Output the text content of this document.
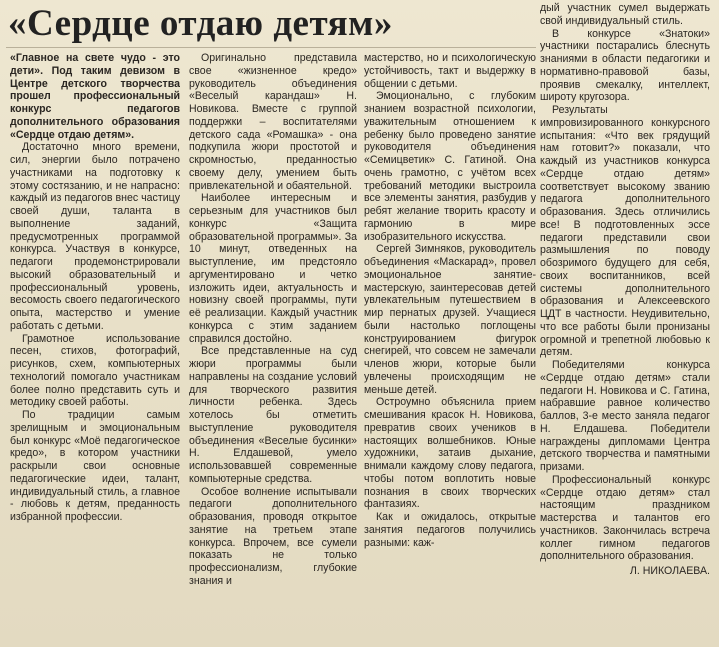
«Сердце отдаю детям»

«Главное на свете чудо - это дети». Под таким девизом в Центре детского творчества прошел профессиональный конкурс педагогов дополнительного образования «Сердце отдаю детям».

Достаточно много времени, сил, энергии было потрачено участниками на подготовку к этому состязанию, и не напрасно: каждый из педагогов внес частицу своей души, таланта в выполнение заданий, предусмотренных программой конкурса. Участвуя в конкурсе, педагоги продемонстрировали высокий образовательный и профессиональный уровень, весомость своего педагогического опыта, мастерство и умение работать с детьми.

Грамотное использование песен, стихов, фотографий, рисунков, схем, компьютерных технологий помогало участникам более полно представить суть и методику своей работы.

По традиции самым зрелищным и эмоциональным был конкурс «Моё педагогическое кредо», в котором участники раскрыли свои основные педагогические идеи, талант, индивидуальный стиль, а главное - любовь к детям, преданность избранной профессии.

Оригинально представила свое «жизненное кредо» руководитель объединения «Веселый карандаш» Н. Новикова. Вместе с группой поддержки – воспитателями детского сада «Ромашка» - она подкупила жюри простотой и скромностью, преданностью своему делу, умением быть привлекательной и обаятельной.

Наиболее интересным и серьезным для участников был конкурс «Защита образовательной программы». За 10 минут, отведенных на выступление, им предстояло аргументировано и четко изложить идеи, актуальность и новизну своей программы, пути её реализации. Каждый участник конкурса с этим заданием справился достойно.

Все представленные на суд жюри программы были направлены на создание условий для творческого развития личности ребенка. Здесь хотелось бы отметить выступление руководителя объединения «Веселые бусинки» Н. Елдашевой, умело использовавшей современные компьютерные средства.

Особое волнение испытывали педагоги дополнительного образования, проводя открытое занятие на третьем этапе конкурса. Впрочем, все сумели показать не только профессионализм, глубокие знания и

мастерство, но и психологическую устойчивость, такт и выдержку в общении с детьми.

Эмоционально, с глубоким знанием возрастной психологии, уважительным отношением к ребенку было проведено занятие руководителя объединения «Семицветик» С. Гатиной. Она очень грамотно, с учётом всех требований методики выстроила все элементы занятия, разбудив у ребят желание творить красоту и гармонию в мире изобразительного искусства.

Сергей Зимняков, руководитель объединения «Маскарад», провел эмоциональное занятие-мастерскую, заинтересовав детей увлекательным путешествием в мир пернатых друзей. Учащиеся были настолько поглощены конструированием фигурок снегирей, что совсем не замечали членов жюри, которые были увлечены происходящим не меньше детей.

Остроумно объяснила прием смешивания красок Н. Новикова, превратив своих учеников в настоящих волшебников. Юные художники, затаив дыхание, внимали каждому слову педагога, чтобы потом воплотить новые познания в своих творческих фантазиях.

Как и ожидалось, открытые занятия педагогов получились разными: каж-

дый участник сумел выдержать свой индивидуальный стиль.

В конкурсе «Знатоки» участники постарались блеснуть знаниями в области педагогики и нормативно-правовой базы, проявив смекалку, интеллект, широту кругозора.

Результаты импровизированного конкурсного испытания: «Что век грядущий нам готовит?» показали, что каждый из участников конкурса «Сердце отдаю детям» соответствует высокому званию педагога дополнительного образования. Здесь отличились все! В подготовленных эссе педагоги представили свои размышления по поводу обозримого будущего для себя, своих воспитанников, всей системы дополнительного образования и Алексеевского ЦДТ в частности. Неудивительно, что все работы были пронизаны огромной и трепетной любовью к детям.

Победителями конкурса «Сердце отдаю детям» стали педагоги Н. Новикова и С. Гатина, набравшие равное количество баллов, 3-е место заняла педагог Н. Елдашева. Победители награждены дипломами Центра детского творчества и памятными призами.

Профессиональный конкурс «Сердце отдаю детям» стал настоящим праздником мастерства и талантов его участников. Закончилась встреча коллег гимном педагогов дополнительного образования.

Л. НИКОЛАЕВА.
